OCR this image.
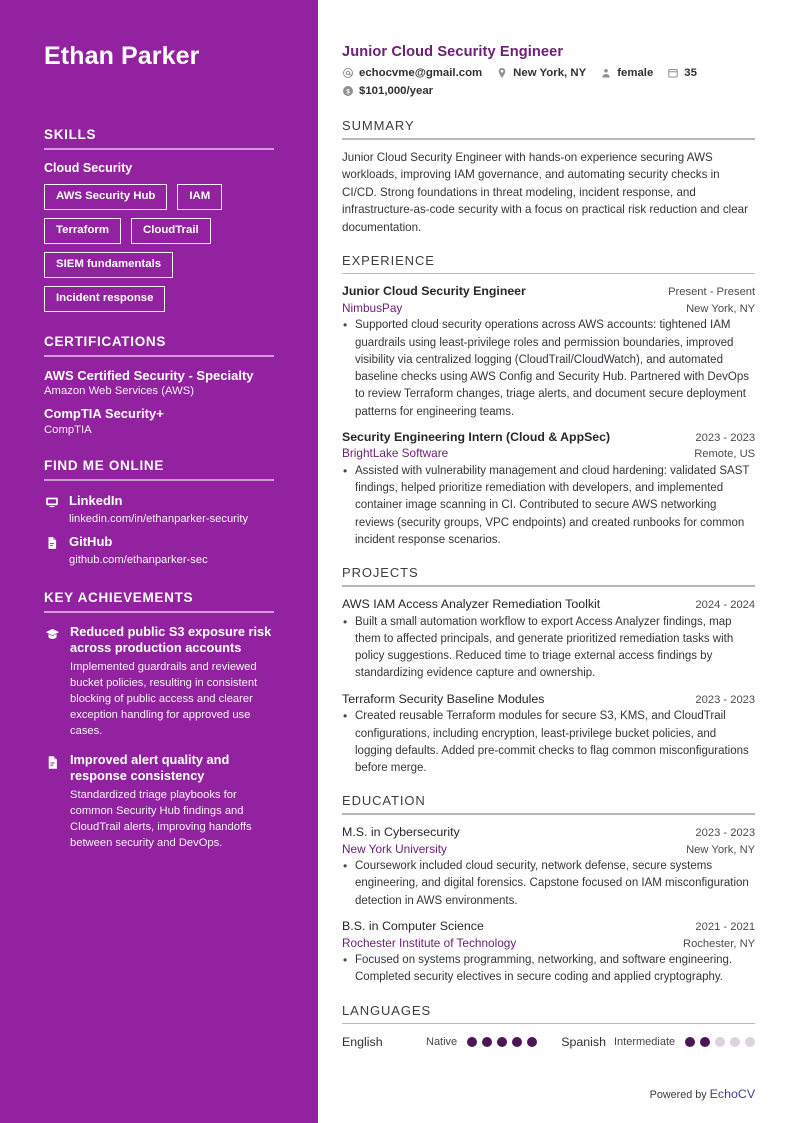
Ethan Parker
SKILLS
Cloud Security
AWS Security Hub	IAM
Terraform	CloudTrail
SIEM fundamentals
Incident response
CERTIFICATIONS
AWS Certified Security - Specialty
Amazon Web Services (AWS)
CompTIA Security+
CompTIA
FIND ME ONLINE
LinkedIn
linkedin.com/in/ethanparker-security
GitHub
github.com/ethanparker-sec
KEY ACHIEVEMENTS
Reduced public S3 exposure risk across production accounts
Implemented guardrails and reviewed bucket policies, resulting in consistent blocking of public access and clearer exception handling for approved use cases.
Improved alert quality and response consistency
Standardized triage playbooks for common Security Hub findings and CloudTrail alerts, improving handoffs between security and DevOps.
Junior Cloud Security Engineer
echocvme@gmail.com	New York, NY	female	35
$ $101,000/year
SUMMARY

Junior Cloud Security Engineer with hands-on experience securing AWS workloads, improving IAM governance, and automating security checks in CI/CD. Strong foundations in threat modeling, incident response, and infrastructure-as-code security with a focus on practical risk reduction and clear documentation.

EXPERIENCE
Junior Cloud Security Engineer	Present - Present
NimbusPay	New York, NY
• Supported cloud security operations across AWS accounts: tightened IAM guardrails using least-privilege roles and permission boundaries, improved visibility via centralized logging (CloudTrail/CloudWatch), and automated baseline checks using AWS Config and Security Hub. Partnered with DevOps to review Terraform changes, triage alerts, and document secure deployment patterns for engineering teams.
Security Engineering Intern (Cloud & AppSec)	2023 - 2023
BrightLake Software	Remote, US
• Assisted with vulnerability management and cloud hardening: validated SAST findings, helped prioritize remediation with developers, and implemented container image scanning in CI. Contributed to secure AWS networking reviews (security groups, VPC endpoints) and created runbooks for common incident response scenarios.
PROJECTS
AWS IAM Access Analyzer Remediation Toolkit	2024 - 2024
• Built a small automation workflow to export Access Analyzer findings, map them to affected principals, and generate prioritized remediation tasks with policy suggestions. Reduced time to triage external access findings by standardizing evidence capture and ownership.
Terraform Security Baseline Modules	2023 - 2023
• Created reusable Terraform modules for secure S3, KMS, and CloudTrail configurations, including encryption, least-privilege bucket policies, and logging defaults. Added pre-commit checks to flag common misconfigurations before merge.
EDUCATION
M.S. in Cybersecurity	2023 - 2023
New York University	New York, NY
• Coursework included cloud security, network defense, secure systems engineering, and digital forensics. Capstone focused on IAM misconfiguration detection in AWS environments.
B.S. in Computer Science	2021 - 2021
Rochester Institute of Technology	Rochester, NY
• Focused on systems programming, networking, and software engineering. Completed security electives in secure coding and applied cryptography.
LANGUAGES
English	Native	Spanish Intermediate
Powered by EchoCV
